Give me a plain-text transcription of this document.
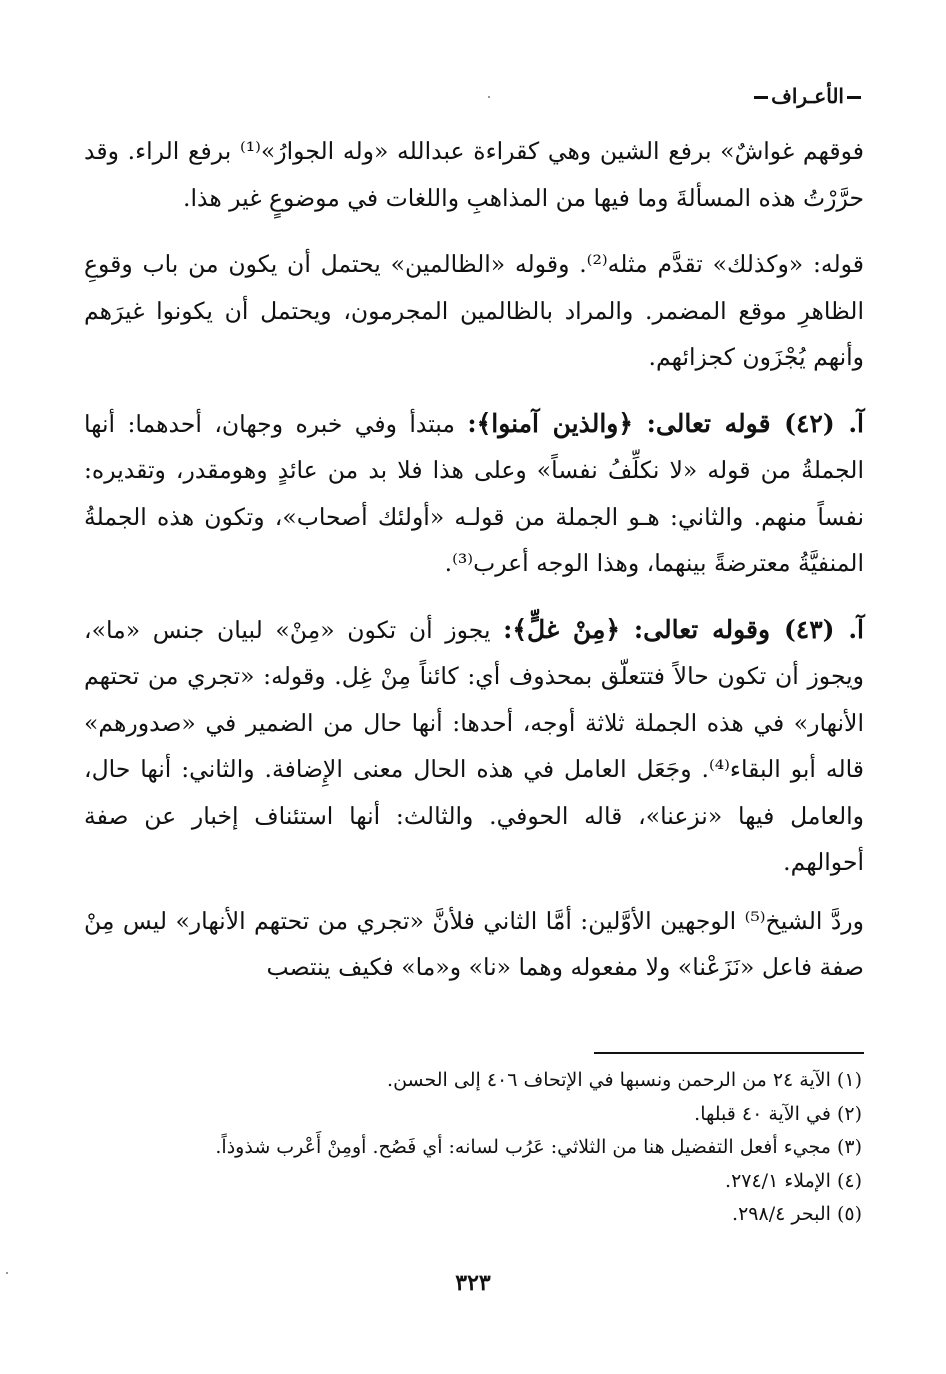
الأعـراف

فوقهم غواشٌ» برفع الشين وهي كقراءة عبدالله «وله الجوارُ»⁽¹⁾ برفع الراء. وقد حرَّرْتُ هذه المسألةَ وما فيها من المذاهبِ واللغات في موضوعٍ غير هذا.

قوله: «وكذلك» تقدَّم مثله⁽²⁾. وقوله «الظالمين» يحتمل أن يكون من باب وقوعِ الظاهرِ موقع المضمر. والمراد بالظالمين المجرمون، ويحتمل أن يكونوا غيرَهم وأنهم يُجْزَون كجزائهم.

آ. (٤٢) قوله تعالى: ﴿والذين آمنوا﴾: مبتدأ وفي خبره وجهان، أحدهما: أنها الجملةُ من قوله «لا نكلِّفُ نفساً» وعلى هذا فلا بد من عائدٍ وهومقدر، وتقديره: نفساً منهم. والثاني: هـو الجملة من قولـه «أولئك أصحاب»، وتكون هذه الجملةُ المنفيَّةُ معترضةً بينهما، وهذا الوجه أعرب⁽³⁾.

آ. (٤٣) وقوله تعالى: ﴿مِنْ غلٍّ﴾: يجوز أن تكون «مِنْ» لبيان جنس «ما»، ويجوز أن تكون حالاً فتتعلّق بمحذوف أي: كائناً مِنْ غِل. وقوله: «تجري من تحتهم الأنهار» في هذه الجملة ثلاثة أوجه، أحدها: أنها حال من الضمير في «صدورهم» قاله أبو البقاء⁽⁴⁾. وجَعَل العامل في هذه الحال معنى الإِضافة. والثاني: أنها حال، والعامل فيها «نزعنا»، قاله الحوفي. والثالث: أنها استئناف إخبار عن صفة أحوالهم.

وردَّ الشيخ⁽⁵⁾ الوجهين الأوَّلين: أمَّا الثاني فلأنَّ «تجري من تحتهم الأنهار» ليس مِنْ صفة فاعل «نَزَعْنا» ولا مفعوله وهما «نا» و«ما» فكيف ينتصب

(١) الآية ٢٤ من الرحمن ونسبها في الإتحاف ٤٠٦ إلى الحسن.
(٢) في الآية ٤٠ قبلها.
(٣) مجيء أفعل التفضيل هنا من الثلاثي: عَرُب لسانه: أي فَصُح. أومِنْ أَعْرب شذوذاً.
(٤) الإملاء ٢٧٤/١.
(٥) البحر ٢٩٨/٤.
٣٢٣
